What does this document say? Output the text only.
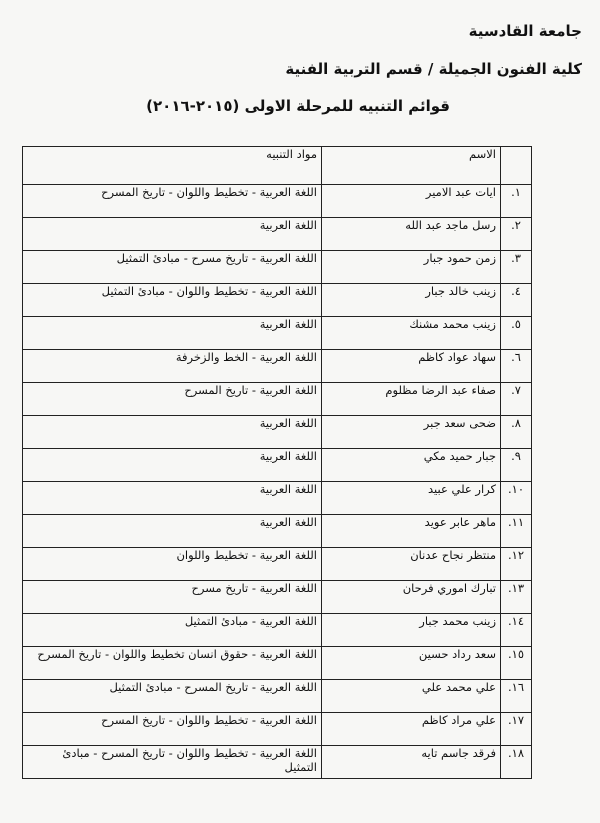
جامعة القادسية
كلية الفنون الجميلة / قسم التربية الفنية
قوائم التنبيه للمرحلة الاولى (٢٠١٥-٢٠١٦)
	الاسم	مواد التنبيه
.١	ايات عبد الامير	اللغة العربية - تخطيط واللوان - تاريخ المسرح
.٢	رسل ماجد عبد الله	اللغة العربية
.٣	زمن حمود جبار	اللغة العربية - تاريخ مسرح - مبادئ التمثيل
.٤	زينب خالد جبار	اللغة العربية - تخطيط واللوان - مبادئ التمثيل
.٥	زينب محمد مشنك	اللغة العربية
.٦	سهاد عواد كاظم	اللغة العربية - الخط والزخرفة
.٧	صفاء عبد الرضا مظلوم	اللغة العربية - تاريخ المسرح
.٨	ضحى سعد جبر	اللغة العربية
.٩	جبار حميد مكي	اللغة العربية
.١٠	كرار علي عبيد	اللغة العربية
.١١	ماهر عابر عويد	اللغة العربية
.١٢	منتظر نجاح عدنان	اللغة العربية - تخطيط واللوان
.١٣	تبارك اموري فرحان	اللغة العربية - تاريخ مسرح
.١٤	زينب محمد جبار	اللغة العربية - مبادئ التمثيل
.١٥	سعد رداد حسين	اللغة العربية - حقوق انسان تخطيط واللوان - تاريخ المسرح
.١٦	علي محمد علي	اللغة العربية - تاريخ المسرح - مبادئ التمثيل
.١٧	علي مراد كاظم	اللغة العربية - تخطيط واللوان - تاريخ المسرح
.١٨	فرقد جاسم تايه	اللغة العربية - تخطيط واللوان - تاريخ المسرح - مبادئ التمثيل
